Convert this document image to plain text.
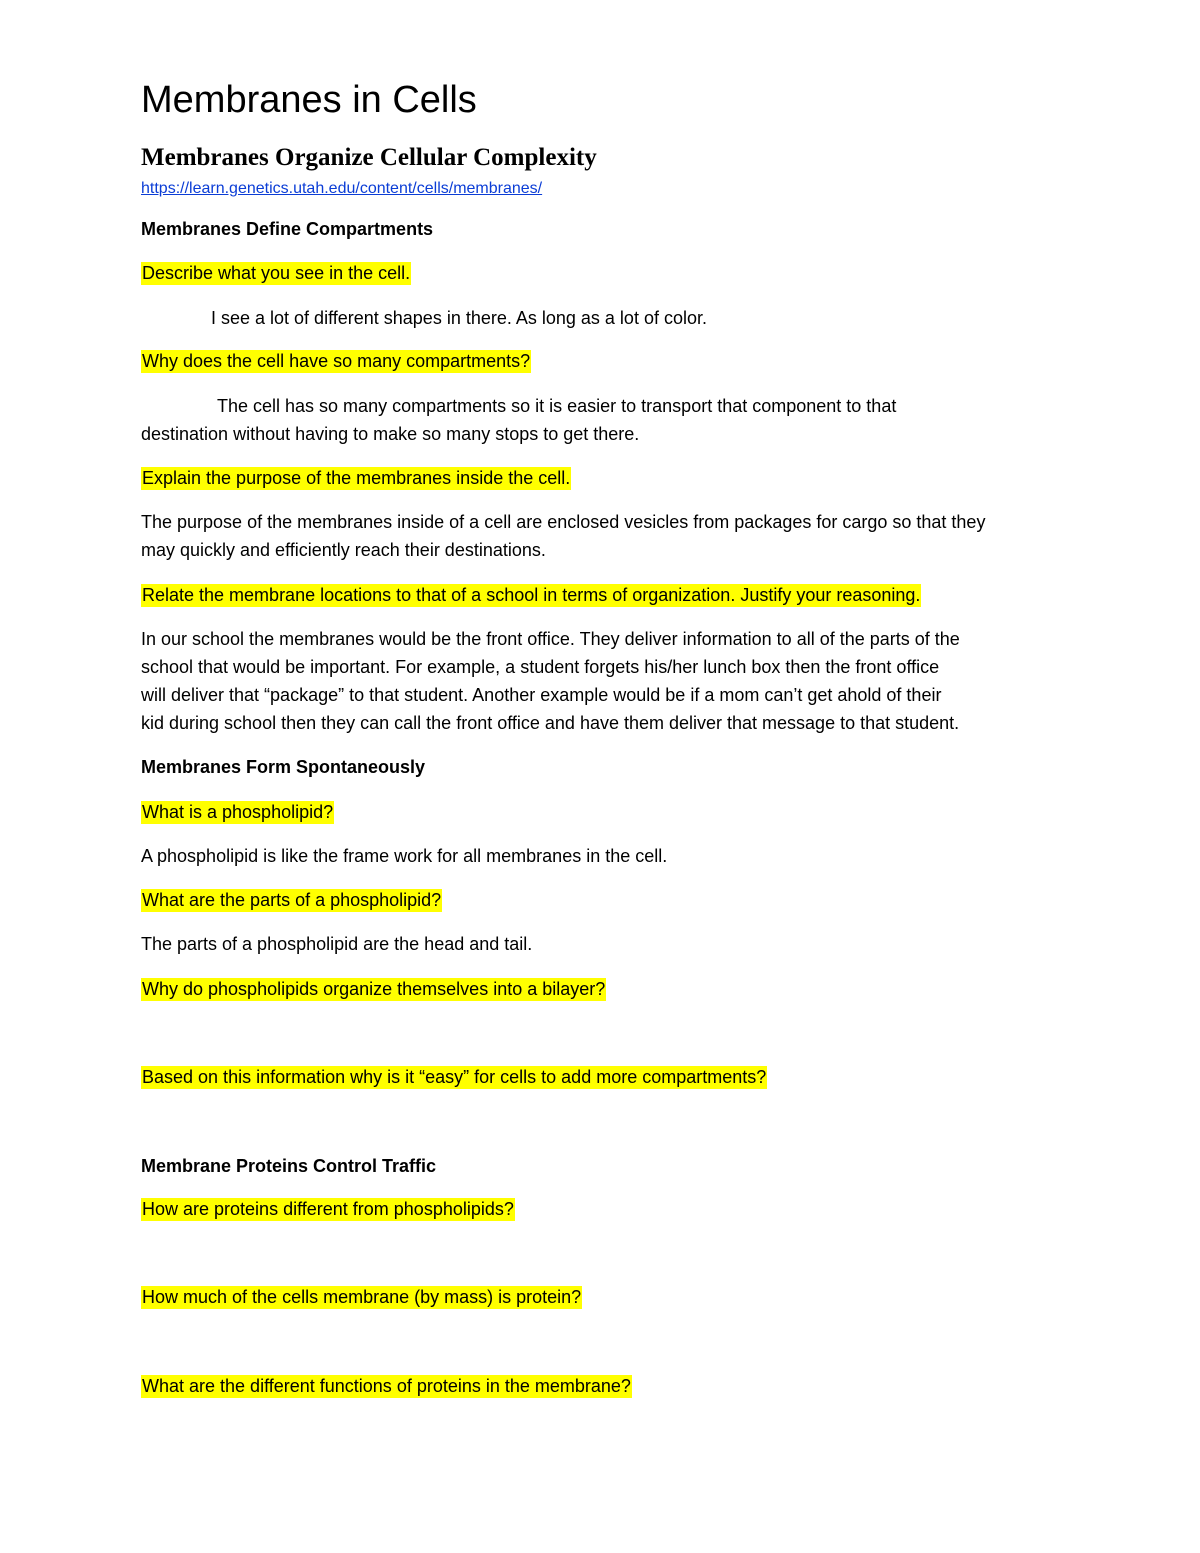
Membranes in Cells
Membranes Organize Cellular Complexity

https://learn.genetics.utah.edu/content/cells/membranes/

Membranes Define Compartments

Describe what you see in the cell.

I see a lot of different shapes in there. As long as a lot of color.

Why does the cell have so many compartments?

The cell has so many compartments so it is easier to transport that component to that

destination without having to make so many stops to get there.

Explain the purpose of the membranes inside the cell.

The purpose of the membranes inside of a cell are enclosed vesicles from packages for cargo so that they

may quickly and efficiently reach their destinations.

Relate the membrane locations to that of a school in terms of organization. Justify your reasoning.

In our school the membranes would be the front office. They deliver information to all of the parts of the

school that would be important. For example, a student forgets his/her lunch box then the front office

will deliver that “package” to that student. Another example would be if a mom can’t get ahold of their

kid during school then they can call the front office and have them deliver that message to that student.

Membranes Form Spontaneously

What is a phospholipid?

A phospholipid is like the frame work for all membranes in the cell.

What are the parts of a phospholipid?

The parts of a phospholipid are the head and tail.

Why do phospholipids organize themselves into a bilayer?

Based on this information why is it “easy” for cells to add more compartments?

Membrane Proteins Control Traffic

How are proteins different from phospholipids?

How much of the cells membrane (by mass) is protein?

What are the different functions of proteins in the membrane?
